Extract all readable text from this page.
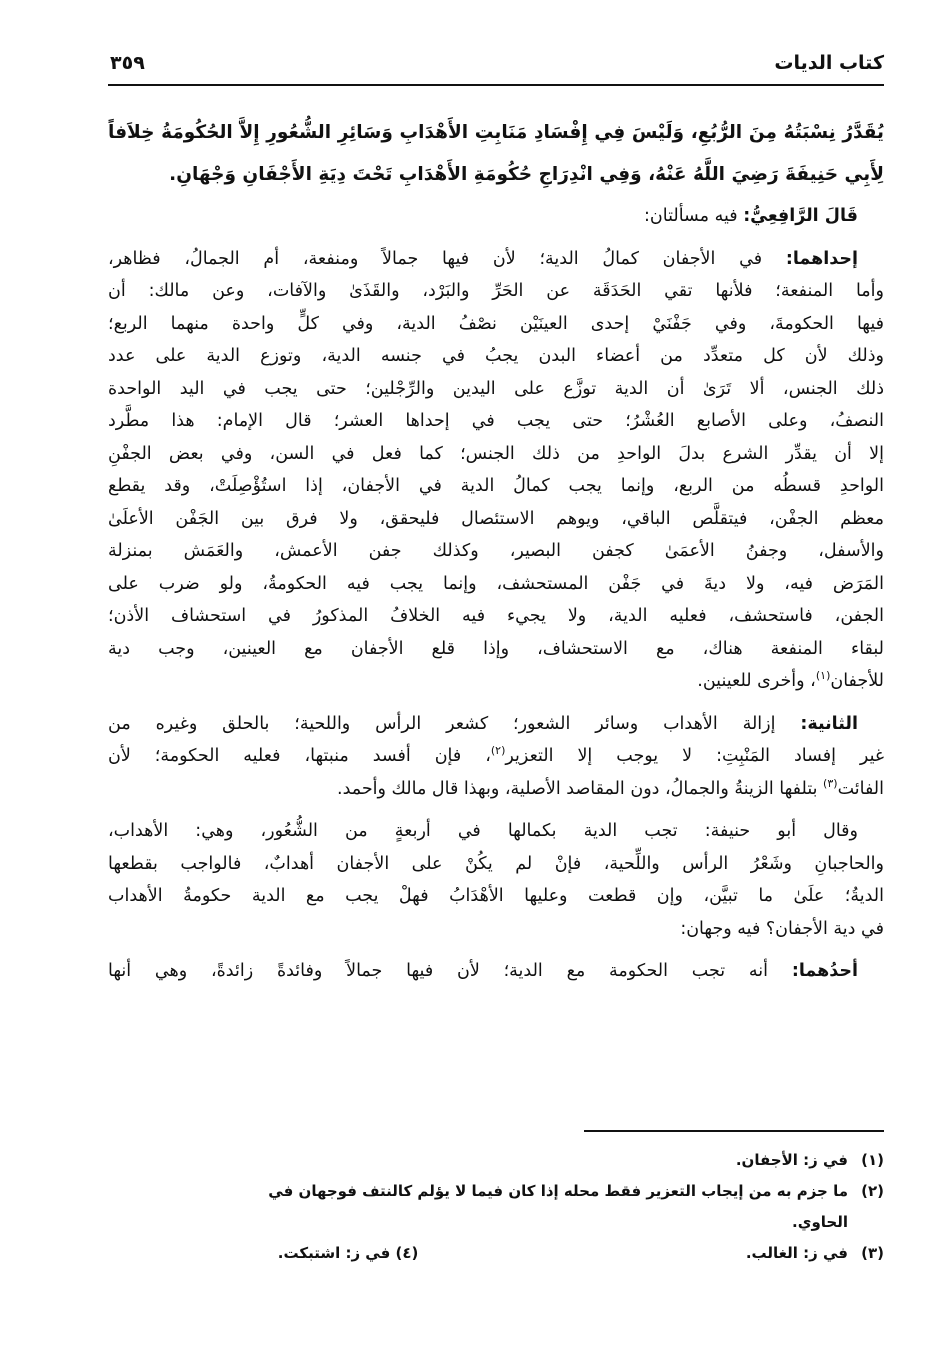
كتاب الديات
٣٥٩
يُقَدَّرُ نِسْبَتُهُ مِنَ الرُّبُعِ، وَلَيْسَ فِي إِفْسَادِ مَنَابِتِ الأَهْدَابِ وَسَائِرِ الشُّعُورِ إِلاَّ الحُكُومَةُ خِلاَفاً
لِأَبِي حَنِيفَةَ رَضِيَ اللَّهُ عَنْهُ، وَفِي انْدِرَاجِ حُكُومَةِ الأَهْدَابِ تَحْتَ دِيَةِ الأَجْفَانِ وَجْهَانِ.
قَالَ الرَّافِعِيُّ: فيه مسألتان:
إحداهما: في الأجفان كمالُ الدية؛ لأن فيها جمالاً ومنفعة، أم الجمالُ، فظاهر،
وأما المنفعة؛ فلأنها تقي الحَدَقَة عن الحَرِّ والبَرْد، والقَذَىٰ والآفات، وعن مالك: أن
فيها الحكومةَ، وفي جَفْنَيْ إحدى العينَيْن نصْفُ الدية، وفي كلٍّ واحدة منهما الربع؛
وذلك لأن كل متعدِّد من أعضاء البدن يجبُ في جنسه الدية، وتوزع الدية على عدد
ذلك الجنس، ألا تَرَىٰ أن الدية توزَّع على اليدين والرِّجْلين؛ حتى يجب في اليد الواحدة
النصفُ، وعلى الأصابع العُشْرُ؛ حتى يجب في إحداها العشر؛ قال الإمام: هذا مطَّرد
إلا أن يقدِّر الشرع بدلَ الواحدِ من ذلك الجنس؛ كما فعل في السن، وفي بعض الجفْنِ
الواحدِ قسطُه من الربع، وإنما يجب كمالُ الدية في الأجفان، إذا استُؤْصِلَتْ، وقد يقطع
معظم الجفْن، فيتقلَّص الباقي، ويوهم الاستئصال فليحقق، ولا فرق بين الجَفْن الأعلَىٰ
والأسفل، وجفنُ الأعمَىٰ كجفن البصير، وكذلك جفن الأعمش، والعَمَش بمنزلة
المَرَض فيه، ولا ديةَ في جَفْن المستحشف، وإنما يجب فيه الحكومةُ، ولو ضرب على
الجفن، فاستحشف، فعليه الدية، ولا يجيء فيه الخلافُ المذكورُ في استحشاف الأذن؛
لبقاء المنفعة هناك، مع الاستحشاف، وإذا قلع الأجفان مع العينين، وجب دية
للأجفان$^{(١)}$، وأخرى للعينين.
الثانية: إزالة الأهداب وسائر الشعور؛ كشعر الرأس واللحية؛ بالحلق وغيره من
غير إفساد المَنْبِتِ: لا يوجب إلا التعزير$^{(٢)}$، فإن أفسد منبتها، فعليه الحكومة؛ لأن
الفائت$^{(٣)}$ بتلفها الزينةُ والجمالُ، دون المقاصد الأصلية، وبهذا قال مالك وأحمد.
وقال أبو حنيفة: تجب الدية بكمالها في أربعةٍ من الشُّعُور، وهي: الأهداب،
والحاجبانِ وشَعْرُ الرأس واللِّحية، فإنْ لم يكُنْ على الأجفان أهدابٌ، فالواجب بقطعها
الديةُ؛ علَىٰ ما تبيَّن، وإن قطعت وعليها الأهْدَابُ فهلْ يجب مع الدية حكومةُ الأهداب
في دية الأجفان؟ فيه وجهان:
أحدُهما: أنه تجب الحكومة مع الدية؛ لأن فيها جمالاً وفائدةً زائدةً، وهي أنها
(١)في ز: الأجفان.
(٢)ما جزم به من إيجاب التعزير فقط محله إذا كان فيما لا يؤلم كالنتف فوجهان في
الحاوي.
(٣)في ز: الغالب.
(٤) في ز: اشتبكت.
